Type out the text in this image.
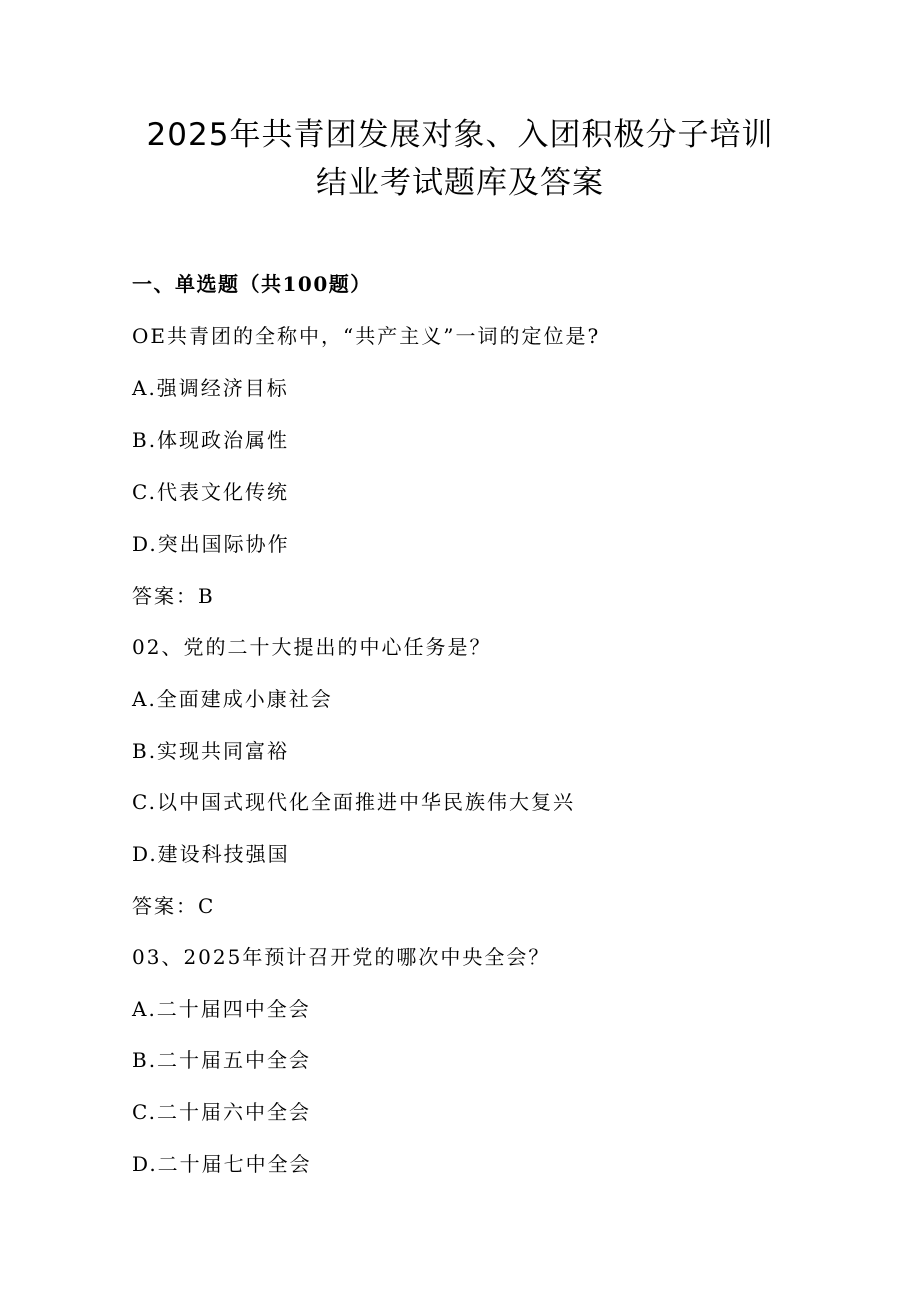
2025年共青团发展对象、入团积极分子培训
结业考试题库及答案
一、单选题（共100题）
OE共青团的全称中，“共产主义”一词的定位是?
A.强调经济目标
B.体现政治属性
C.代表文化传统
D.突出国际协作
答案：B
02、党的二十大提出的中心任务是？
A.全面建成小康社会
B.实现共同富裕
C.以中国式现代化全面推进中华民族伟大复兴
D.建设科技强国
答案：C
03、2025年预计召开党的哪次中央全会？
A.二十届四中全会
B.二十届五中全会
C.二十届六中全会
D.二十届七中全会
